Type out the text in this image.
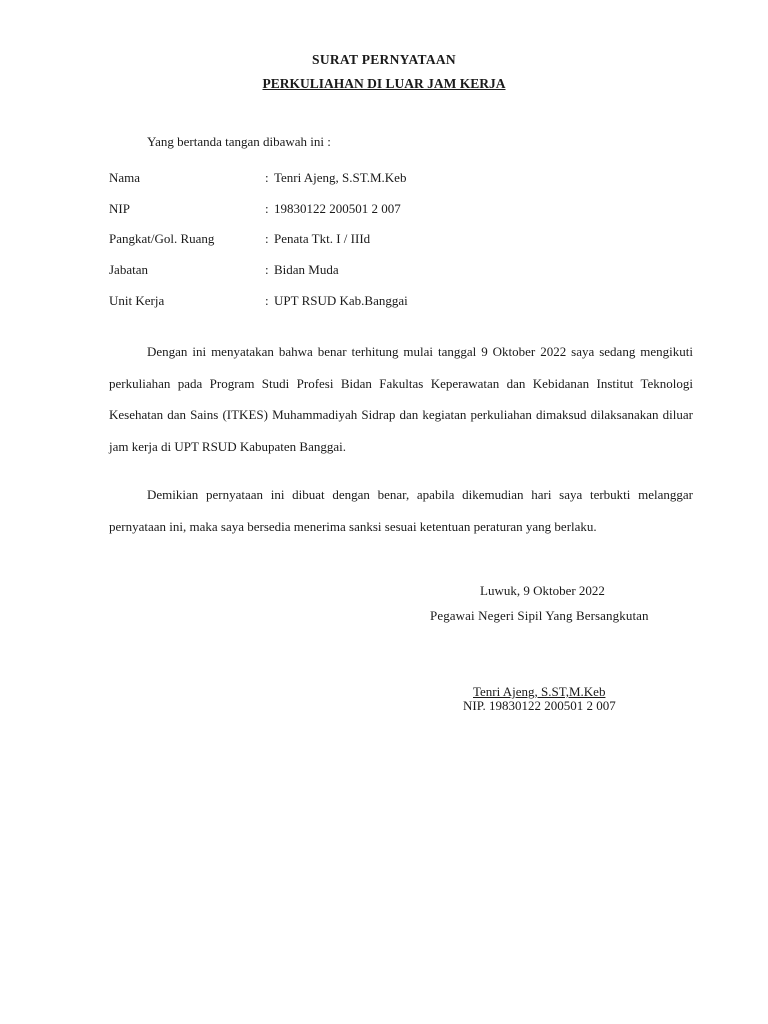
SURAT PERNYATAAN
PERKULIAHAN DI LUAR JAM KERJA
Yang bertanda tangan dibawah ini :
Nama	: Tenri Ajeng, S.ST.M.Keb
NIP	: 19830122 200501 2 007
Pangkat/Gol. Ruang	: Penata Tkt. I / IIId
Jabatan	: Bidan Muda
Unit Kerja	: UPT RSUD Kab.Banggai
Dengan ini menyatakan bahwa benar terhitung mulai tanggal 9 Oktober 2022 saya sedang mengikuti perkuliahan pada Program Studi Profesi Bidan Fakultas Keperawatan dan Kebidanan Institut Teknologi Kesehatan dan Sains (ITKES) Muhammadiyah Sidrap dan kegiatan perkuliahan dimaksud dilaksanakan diluar jam kerja di UPT RSUD Kabupaten Banggai.
Demikian pernyataan ini dibuat dengan benar, apabila dikemudian hari saya terbukti melanggar pernyataan ini, maka saya bersedia menerima sanksi sesuai ketentuan peraturan yang berlaku.
Luwuk, 9 Oktober 2022
Pegawai Negeri Sipil Yang Bersangkutan
Tenri Ajeng, S.ST,M.Keb
NIP. 19830122 200501 2 007
